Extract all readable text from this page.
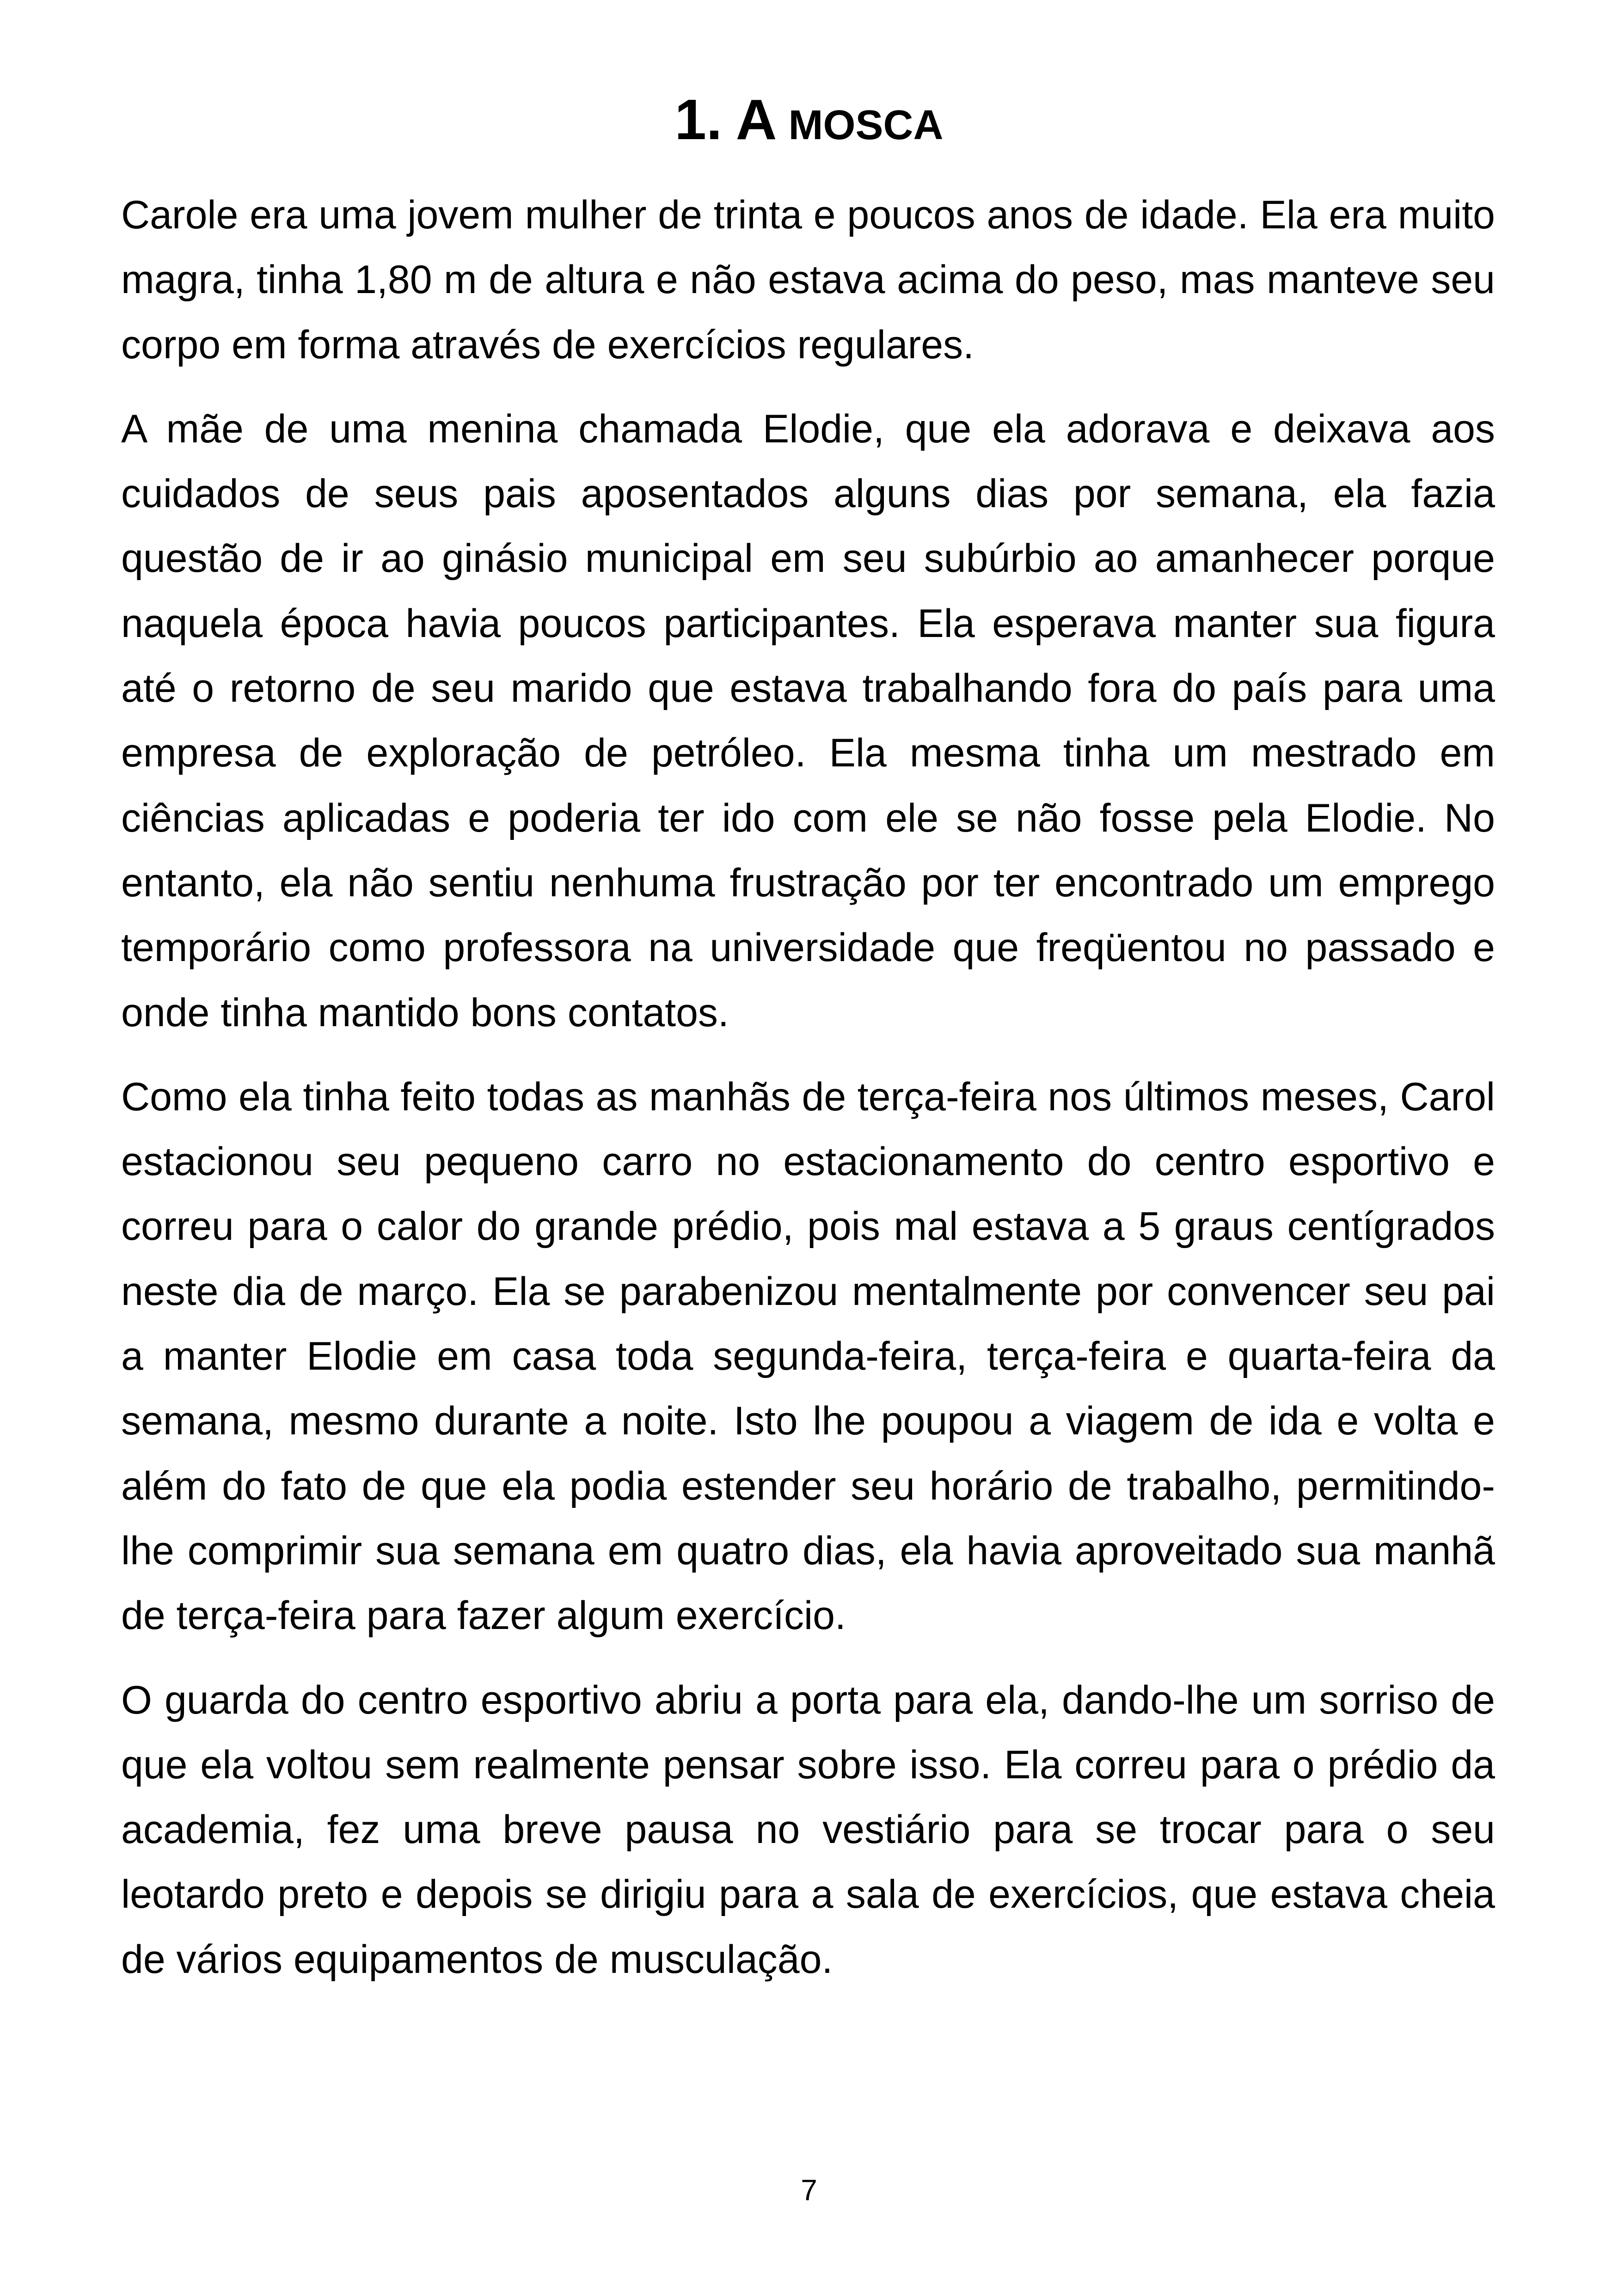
1. A MOSCA

Carole era uma jovem mulher de trinta e poucos anos de idade. Ela era muito magra, tinha 1,80 m de altura e não estava acima do peso, mas manteve seu corpo em forma através de exercícios regulares.

A mãe de uma menina chamada Elodie, que ela adorava e deixava aos cuidados de seus pais aposentados alguns dias por semana, ela fazia questão de ir ao ginásio municipal em seu subúrbio ao amanhecer porque naquela época havia poucos participantes. Ela esperava manter sua figura até o retorno de seu marido que estava trabalhando fora do país para uma empresa de exploração de petróleo. Ela mesma tinha um mestrado em ciências aplicadas e poderia ter ido com ele se não fosse pela Elodie. No entanto, ela não sentiu nenhuma frustração por ter encontrado um emprego temporário como professora na universidade que freqüentou no passado e onde tinha mantido bons contatos.

Como ela tinha feito todas as manhãs de terça-feira nos últimos meses, Carol estacionou seu pequeno carro no estacionamento do centro esportivo e correu para o calor do grande prédio, pois mal estava a 5 graus centígrados neste dia de março. Ela se parabenizou mentalmente por convencer seu pai a manter Elodie em casa toda segunda-feira, terça-feira e quarta-feira da semana, mesmo durante a noite. Isto lhe poupou a viagem de ida e volta e além do fato de que ela podia estender seu horário de trabalho, permitindo-lhe comprimir sua semana em quatro dias, ela havia aproveitado sua manhã de terça-feira para fazer algum exercício.

O guarda do centro esportivo abriu a porta para ela, dando-lhe um sorriso de que ela voltou sem realmente pensar sobre isso. Ela correu para o prédio da academia, fez uma breve pausa no vestiário para se trocar para o seu leotardo preto e depois se dirigiu para a sala de exercícios, que estava cheia de vários equipamentos de musculação.

7
